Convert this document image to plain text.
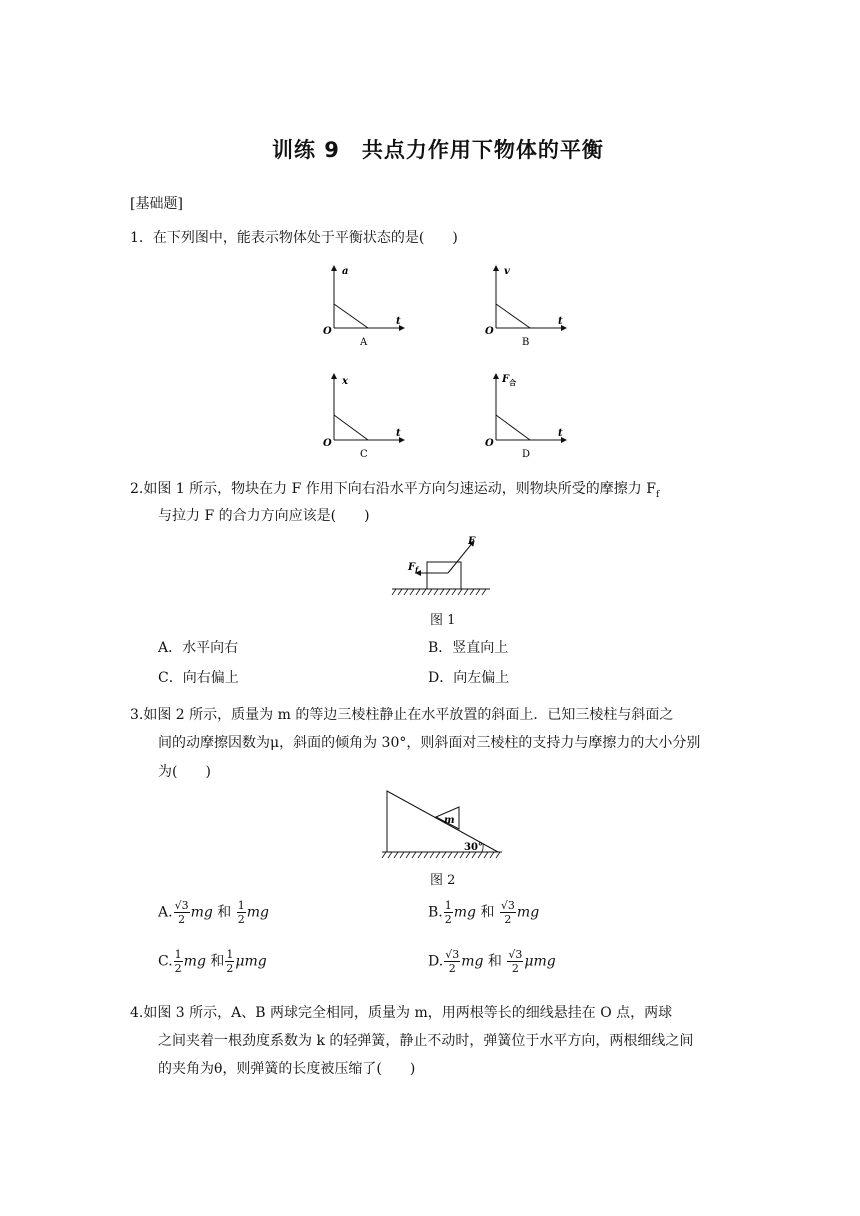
训练 9　共点力作用下物体的平衡
[基础题]
1．在下列图中，能表示物体处于平衡状态的是(　　)
a
O
t
A
v
O
t
B
x
O
t
C
$F_合$
O
t
D
2.如图 1 所示，物块在力 F 作用下向右沿水平方向匀速运动，则物块所受的摩擦力 $F_f$
与拉力 F 的合力方向应该是(　　)
F
$F_f$
图 1
A．水平向右	B．竖直向上
C．向右偏上	D．向左偏上
3.如图 2 所示，质量为 m 的等边三棱柱静止在水平放置的斜面上．已知三棱柱与斜面之
间的动摩擦因数为μ，斜面的倾角为 30°，则斜面对三棱柱的支持力与摩擦力的大小分别
为(　　)
m
30°
图 2
A. $\frac{√3}{2}$ mg 和 $\frac{1}{2}$ mg	B. $\frac{1}{2}$ mg 和 $\frac{√3}{2}$ mg
C. $\frac{1}{2}$ mg 和 $\frac{1}{2}$ μmg	D. $\frac{√3}{2}$ mg 和 $\frac{√3}{2}$ μmg
4.如图 3 所示，A、B 两球完全相同，质量为 m，用两根等长的细线悬挂在 O 点，两球
之间夹着一根劲度系数为 k 的轻弹簧，静止不动时，弹簧位于水平方向，两根细线之间
的夹角为θ，则弹簧的长度被压缩了(　　)
